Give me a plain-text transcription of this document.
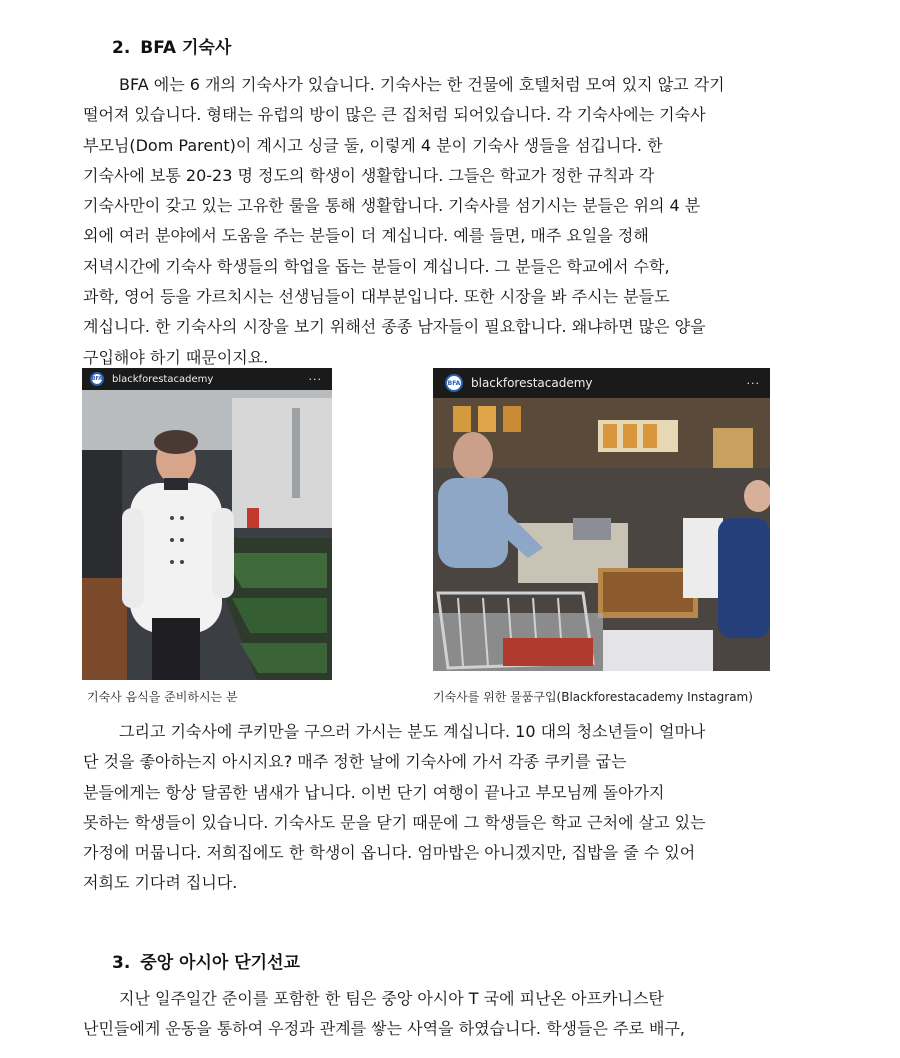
2. BFA 기숙사
BFA 에는 6 개의 기숙사가 있습니다. 기숙사는 한 건물에 호텔처럼 모여 있지 않고 각기
떨어져 있습니다. 형태는 유럽의 방이 많은 큰 집처럼 되어있습니다. 각 기숙사에는 기숙사
부모님(Dom Parent)이 계시고 싱글 둘, 이렇게 4 분이 기숙사 생들을 섬깁니다. 한
기숙사에 보통 20-23 명 정도의 학생이 생활합니다. 그들은 학교가 정한 규칙과 각
기숙사만이 갖고 있는 고유한 룰을 통해 생활합니다. 기숙사를 섬기시는 분들은 위의 4 분
외에 여러 분야에서 도움을 주는 분들이 더 계십니다. 예를 들면, 매주 요일을 정해
저녁시간에 기숙사 학생들의 학업을 돕는 분들이 계십니다. 그 분들은 학교에서 수학,
과학, 영어 등을 가르치시는 선생님들이 대부분입니다. 또한 시장을 봐 주시는 분들도
계십니다. 한 기숙사의 시장을 보기 위해선 종종 남자들이 필요합니다. 왜냐하면 많은 양을
구입해야 하기 때문이지요.
BFA blackforestacademy	···	BFA blackforestacademy	···
기숙사 음식을 준비하시는 분	기숙사를 위한 물품구입(Blackforestacademy Instagram)
그리고 기숙사에 쿠키만을 구으러 가시는 분도 계십니다. 10 대의 청소년들이 얼마나
단 것을 좋아하는지 아시지요? 매주 정한 날에 기숙사에 가서 각종 쿠키를 굽는
분들에게는 항상 달콤한 냄새가 납니다. 이번 단기 여행이 끝나고 부모님께 돌아가지
못하는 학생들이 있습니다. 기숙사도 문을 닫기 때문에 그 학생들은 학교 근처에 살고 있는
가정에 머뭅니다. 저희집에도 한 학생이 옵니다. 엄마밥은 아니겠지만, 집밥을 줄 수 있어
저희도 기다려 집니다.
3. 중앙 아시아 단기선교
지난 일주일간 준이를 포함한 한 팀은 중앙 아시아 T 국에 피난온 아프카니스탄
난민들에게 운동을 통하여 우정과 관계를 쌓는 사역을 하였습니다. 학생들은 주로 배구,
